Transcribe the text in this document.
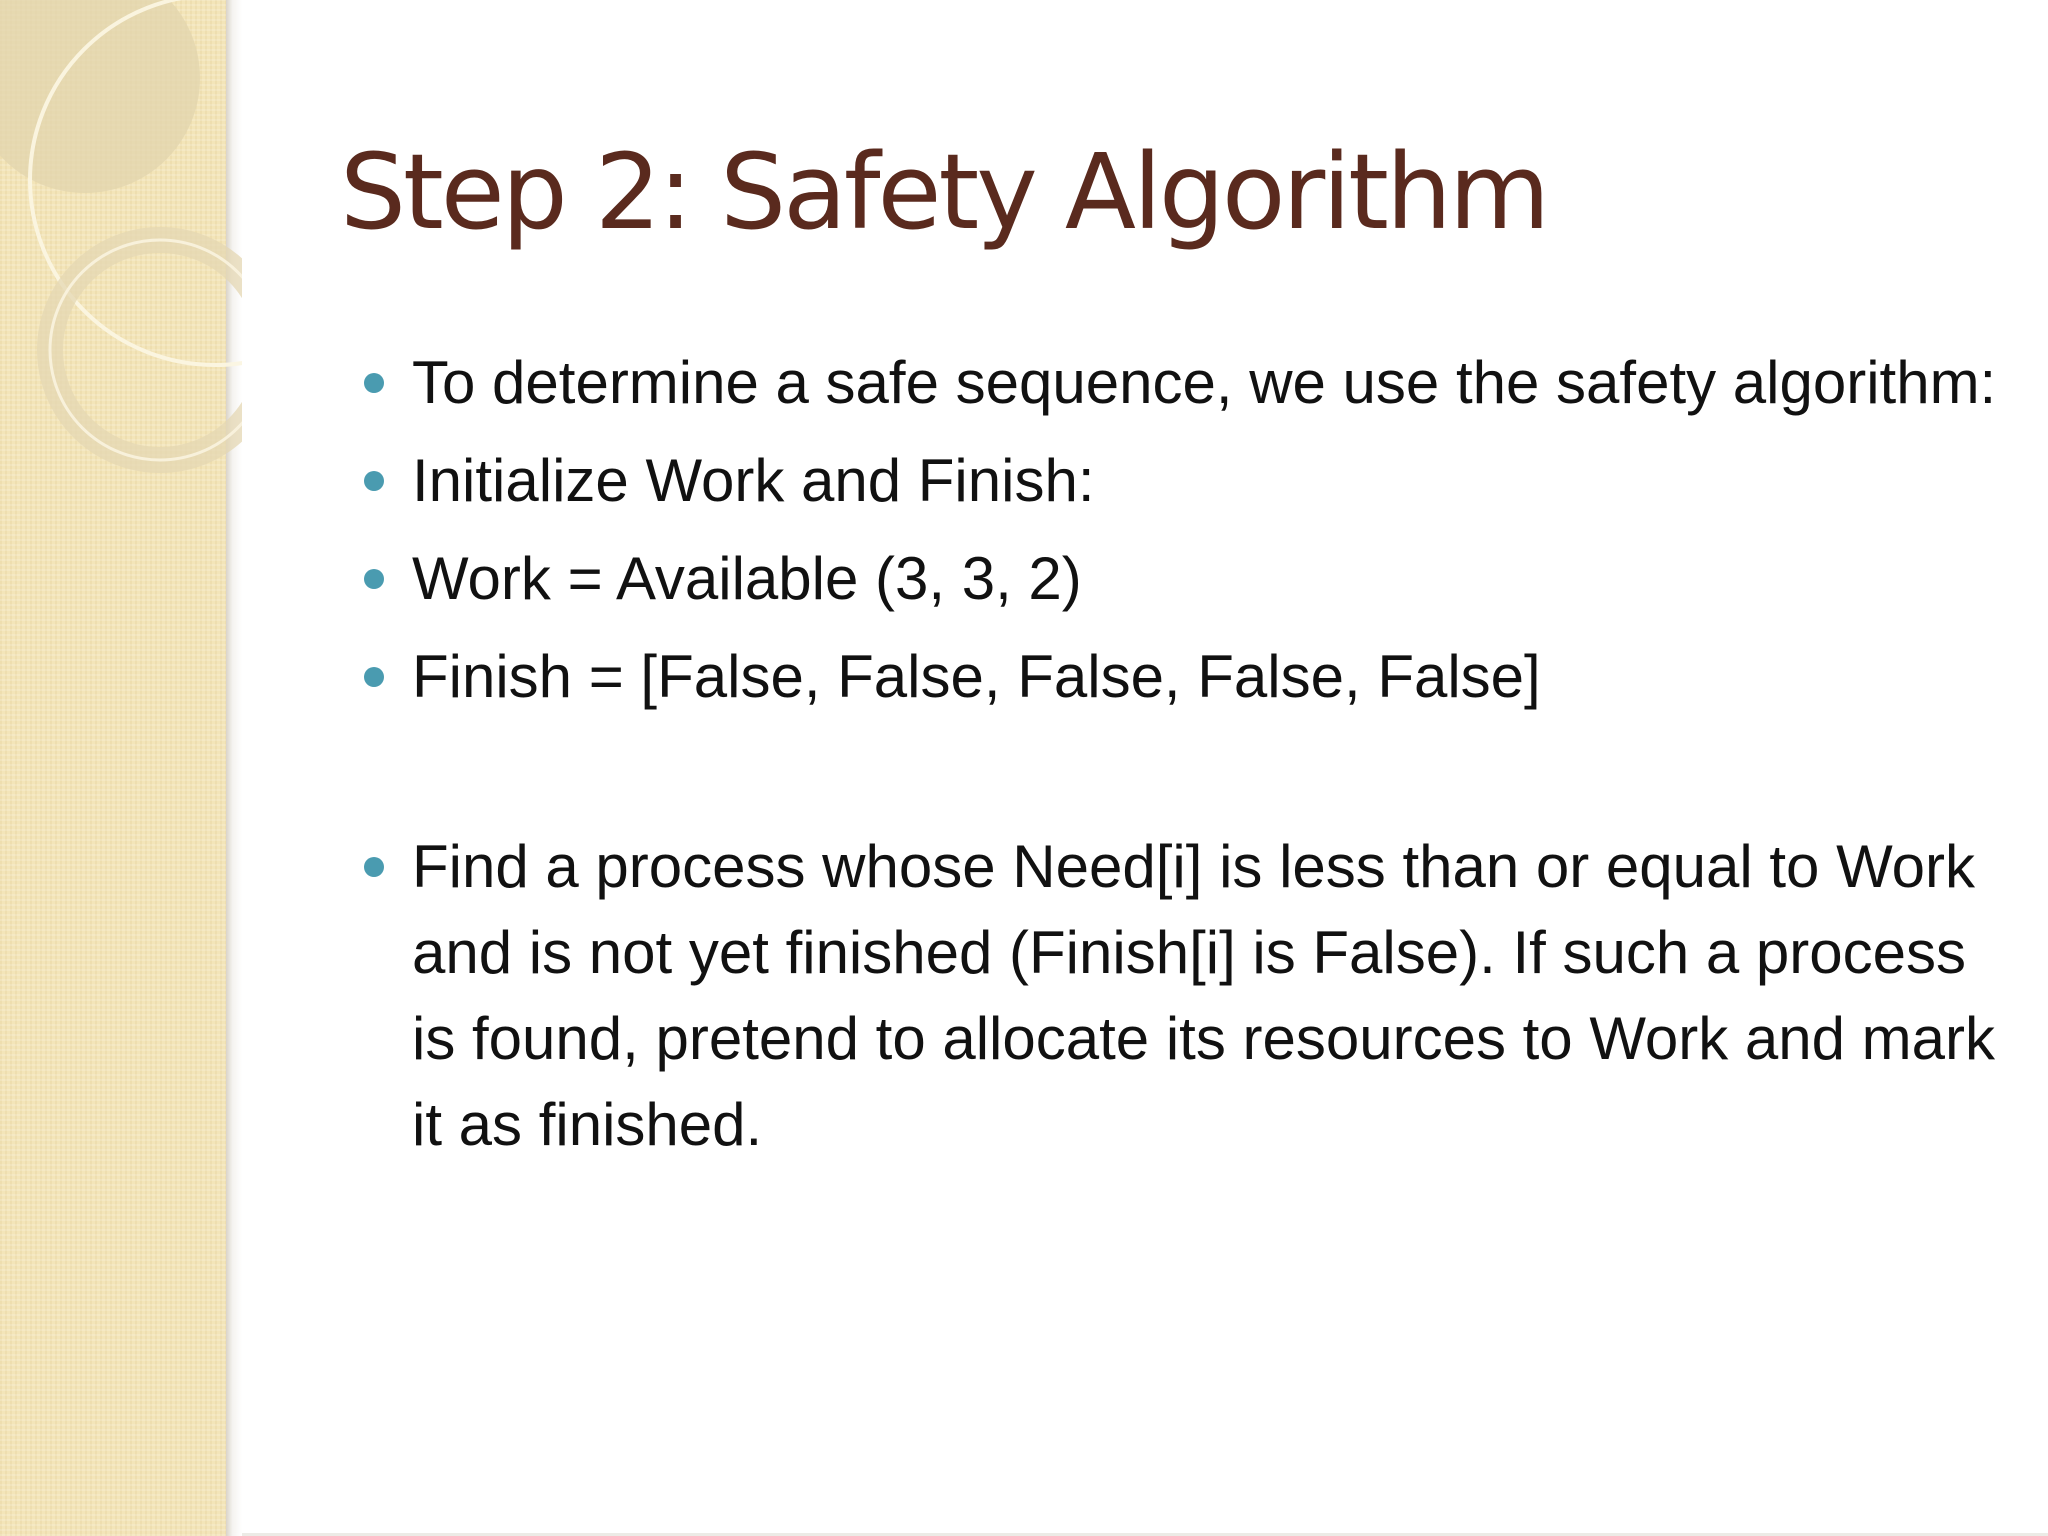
Step 2: Safety Algorithm
To determine a safe sequence, we use the safety algorithm:
Initialize Work and Finish:
Work = Available (3, 3, 2)
Finish = [False, False, False, False, False]
Find a process whose Need[i] is less than or equal to Work and is not yet finished (Finish[i] is False). If such a process is found, pretend to allocate its resources to Work and mark it as finished.
